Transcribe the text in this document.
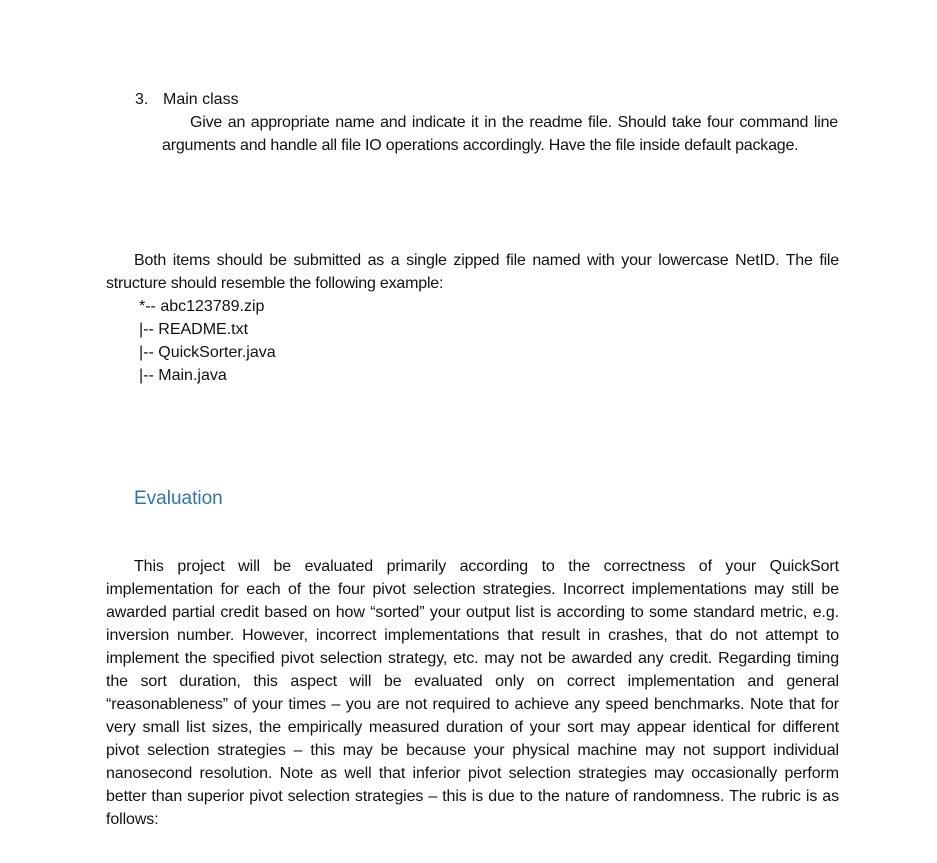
3. Main class
Give an appropriate name and indicate it in the readme file. Should take four command line arguments and handle all file IO operations accordingly. Have the file inside default package.
Both items should be submitted as a single zipped file named with your lowercase NetID. The file structure should resemble the following example:
*-- abc123789.zip
|-- README.txt
|-- QuickSorter.java
|-- Main.java
Evaluation
This project will be evaluated primarily according to the correctness of your QuickSort implementation for each of the four pivot selection strategies. Incorrect implementations may still be awarded partial credit based on how “sorted” your output list is according to some standard metric, e.g. inversion number. However, incorrect implementations that result in crashes, that do not attempt to implement the specified pivot selection strategy, etc. may not be awarded any credit. Regarding timing the sort duration, this aspect will be evaluated only on correct implementation and general “reasonableness” of your times – you are not required to achieve any speed benchmarks. Note that for very small list sizes, the empirically measured duration of your sort may appear identical for different pivot selection strategies – this may be because your physical machine may not support individual nanosecond resolution. Note as well that inferior pivot selection strategies may occasionally perform better than superior pivot selection strategies – this is due to the nature of randomness. The rubric is as follows:
